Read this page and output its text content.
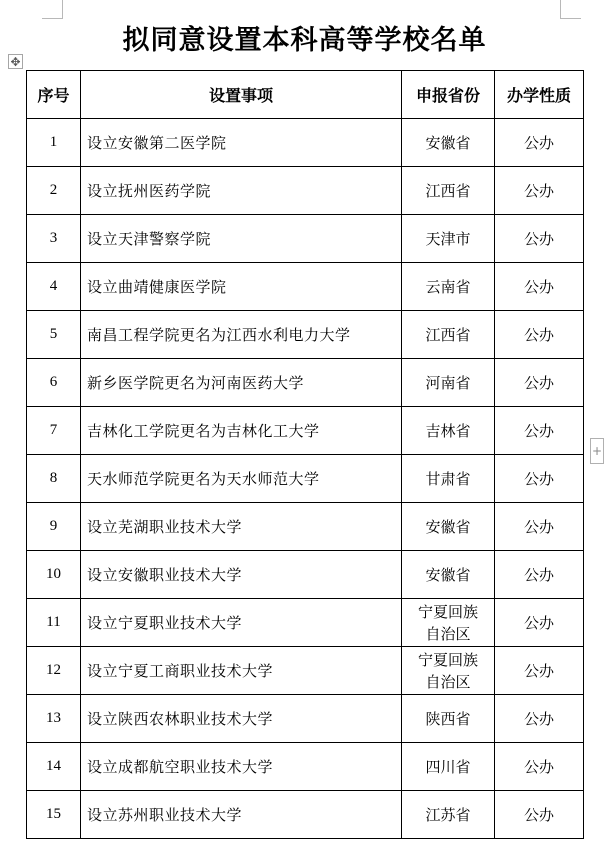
拟同意设置本科高等学校名单
✥
+
序号	设置事项	申报省份	办学性质
1	设立安徽第二医学院	安徽省	公办
2	设立抚州医药学院	江西省	公办
3	设立天津警察学院	天津市	公办
4	设立曲靖健康医学院	云南省	公办
5	南昌工程学院更名为江西水利电力大学	江西省	公办
6	新乡医学院更名为河南医药大学	河南省	公办
7	吉林化工学院更名为吉林化工大学	吉林省	公办
8	天水师范学院更名为天水师范大学	甘肃省	公办
9	设立芜湖职业技术大学	安徽省	公办
10	设立安徽职业技术大学	安徽省	公办
11	设立宁夏职业技术大学	宁夏回族自治区	公办
12	设立宁夏工商职业技术大学	宁夏回族自治区	公办
13	设立陕西农林职业技术大学	陕西省	公办
14	设立成都航空职业技术大学	四川省	公办
15	设立苏州职业技术大学	江苏省	公办
